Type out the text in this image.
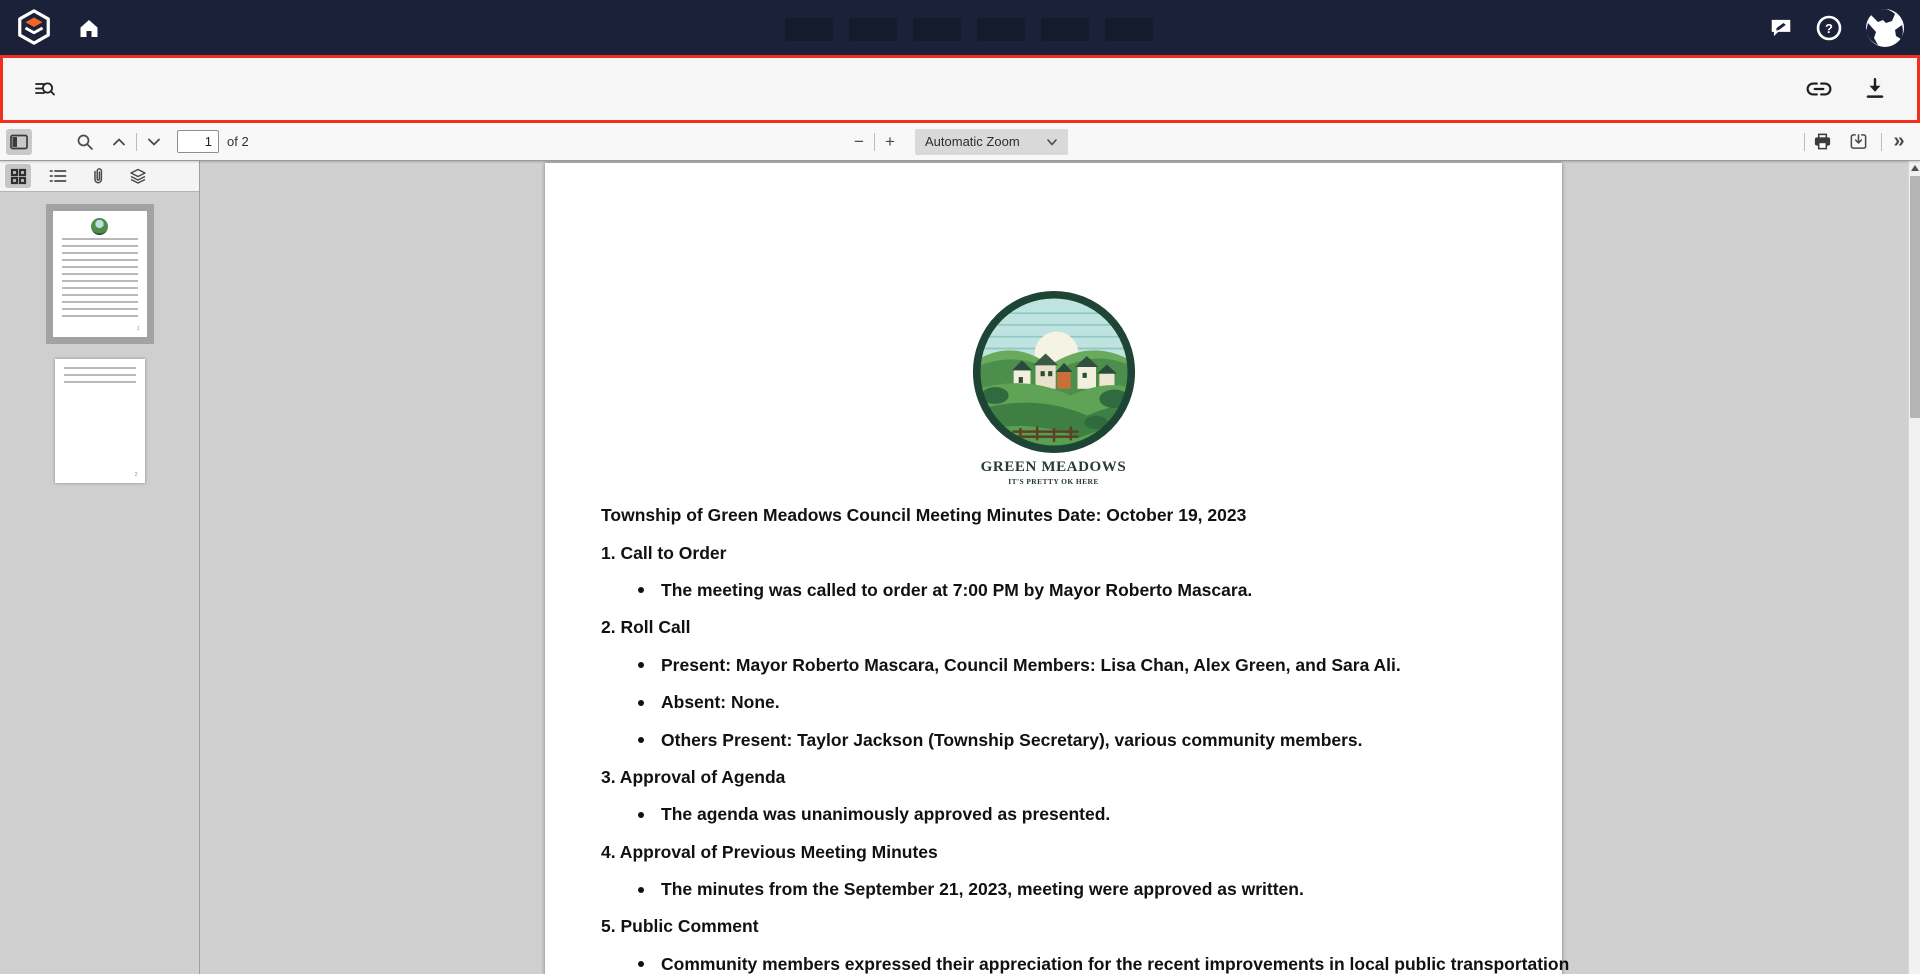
?
1
of 2	−	+	Automatic Zoom	»
1
2	GREEN MEADOWS
IT'S PRETTY OK HERE
Township of Green Meadows Council Meeting Minutes Date: October 19, 2023
1. Call to Order
The meeting was called to order at 7:00 PM by Mayor Roberto Mascara.
2. Roll Call
Present: Mayor Roberto Mascara, Council Members: Lisa Chan, Alex Green, and Sara Ali.
Absent: None.
Others Present: Taylor Jackson (Township Secretary), various community members.
3. Approval of Agenda
The agenda was unanimously approved as presented.
4. Approval of Previous Meeting Minutes
The minutes from the September 21, 2023, meeting were approved as written.
5. Public Comment
Community members expressed their appreciation for the recent improvements in local public transportation
